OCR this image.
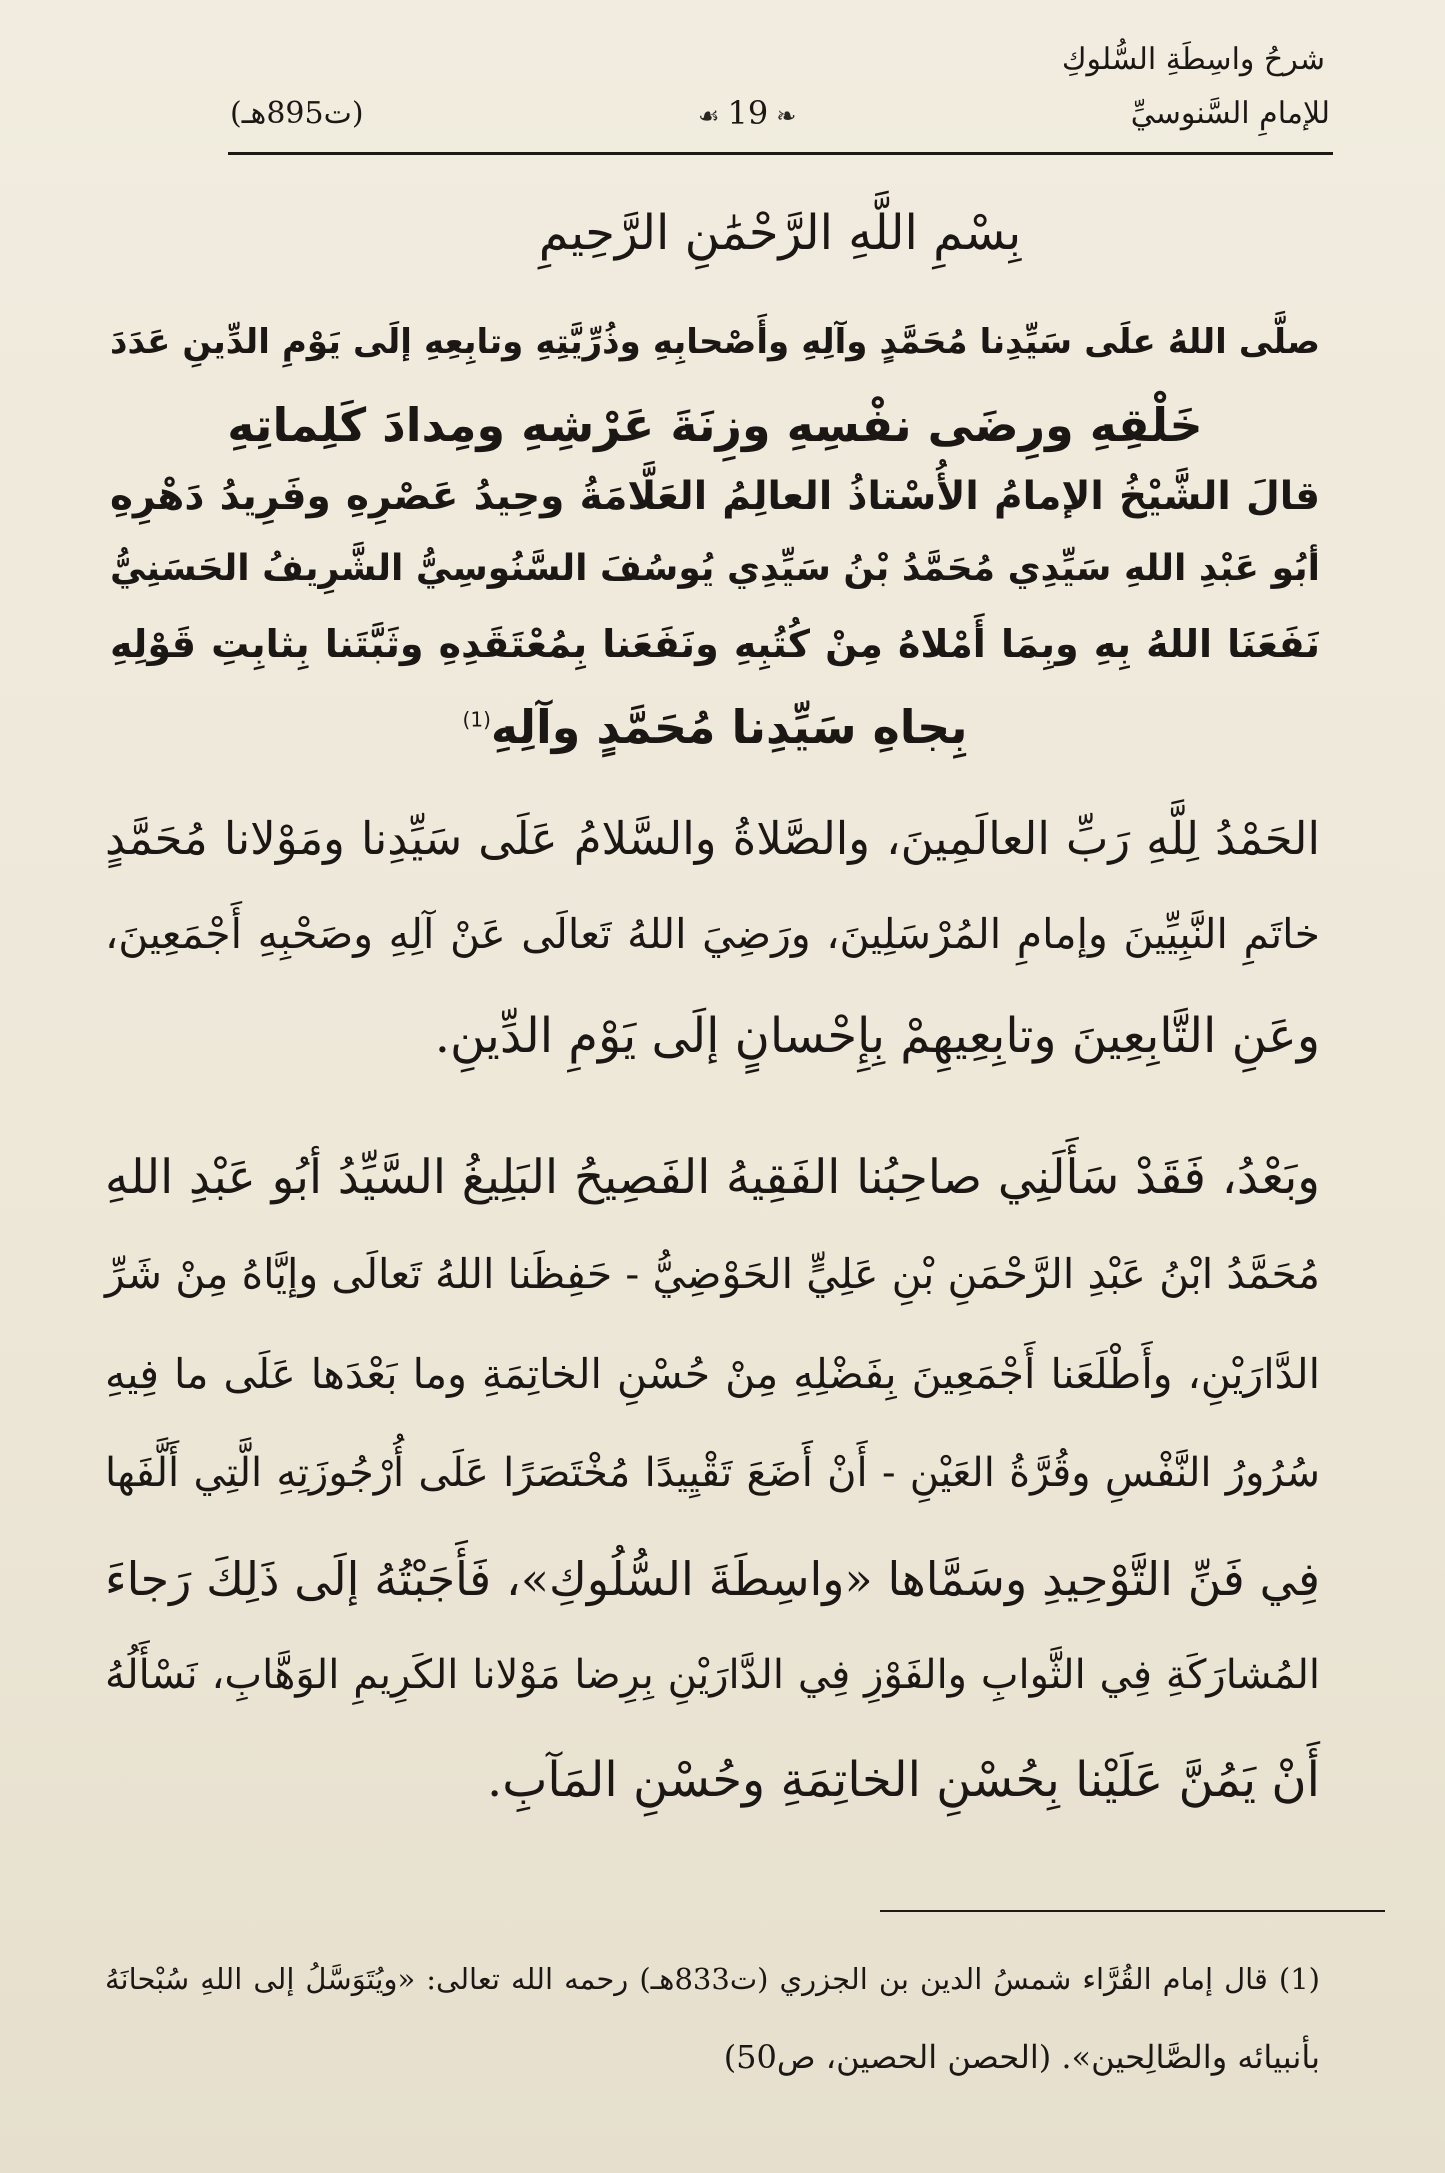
شرحُ واسِطَةِ السُّلوكِ
للإمامِ السَّنوسيِّ
❧19☙
(ت895هـ)
بِسْمِ اللَّهِ الرَّحْمَٰنِ الرَّحِيمِ
صلَّى اللهُ علَى سَيِّدِنا مُحَمَّدٍ وآلِهِ وأَصْحابِهِ وذُرِّيَّتِهِ وتابِعِهِ إلَى يَوْمِ الدِّينِ عَدَدَ
خَلْقِهِ ورِضَى نفْسِهِ وزِنَةَ عَرْشِهِ ومِدادَ كَلِماتِهِ
قالَ الشَّيْخُ الإمامُ الأُسْتاذُ العالِمُ العَلَّامَةُ وحِيدُ عَصْرِهِ وفَرِيدُ دَهْرِهِ
أبُو عَبْدِ اللهِ سَيِّدِي مُحَمَّدُ بْنُ سَيِّدِي يُوسُفَ السَّنُوسِيُّ الشَّرِيفُ الحَسَنِيُّ
نَفَعَنَا اللهُ بِهِ وبِمَا أَمْلاهُ مِنْ كُتُبِهِ ونَفَعَنا بِمُعْتَقَدِهِ وثَبَّتَنا بِثابِتِ قَوْلِهِ
بِجاهِ سَيِّدِنا مُحَمَّدٍ وآلِهِ$^{(1)}$
الحَمْدُ لِلَّهِ رَبِّ العالَمِينَ، والصَّلاةُ والسَّلامُ عَلَى سَيِّدِنا ومَوْلانا مُحَمَّدٍ
خاتَمِ النَّبِيِّينَ وإمامِ المُرْسَلِينَ، ورَضِيَ اللهُ تَعالَى عَنْ آلِهِ وصَحْبِهِ أَجْمَعِينَ،
وعَنِ التَّابِعِينَ وتابِعِيهِمْ بِإِحْسانٍ إلَى يَوْمِ الدِّينِ.
وبَعْدُ، فَقَدْ سَأَلَنِي صاحِبُنا الفَقِيهُ الفَصِيحُ البَلِيغُ السَّيِّدُ أبُو عَبْدِ اللهِ
مُحَمَّدُ ابْنُ عَبْدِ الرَّحْمَنِ بْنِ عَلِيٍّ الحَوْضِيُّ - حَفِظَنا اللهُ تَعالَى وإيَّاهُ مِنْ شَرِّ
الدَّارَيْنِ، وأَطْلَعَنا أَجْمَعِينَ بِفَضْلِهِ مِنْ حُسْنِ الخاتِمَةِ وما بَعْدَها عَلَى ما فِيهِ
سُرُورُ النَّفْسِ وقُرَّةُ العَيْنِ - أَنْ أَضَعَ تَقْيِيدًا مُخْتَصَرًا عَلَى أُرْجُوزَتِهِ الَّتِي أَلَّفَها
فِي فَنِّ التَّوْحِيدِ وسَمَّاها «واسِطَةَ السُّلُوكِ»، فَأَجَبْتُهُ إلَى ذَلِكَ رَجاءَ
المُشارَكَةِ فِي الثَّوابِ والفَوْزِ فِي الدَّارَيْنِ بِرِضا مَوْلانا الكَرِيمِ الوَهَّابِ، نَسْأَلُهُ
أَنْ يَمُنَّ عَلَيْنا بِحُسْنِ الخاتِمَةِ وحُسْنِ المَآبِ.
(1) قال إمام القُرَّاء شمسُ الدين بن الجزري (ت833هـ) رحمه الله تعالى: «ويُتَوَسَّلُ إلى اللهِ سُبْحانَهُ
بأنبيائه والصَّالِحين». (الحصن الحصين، ص50)
